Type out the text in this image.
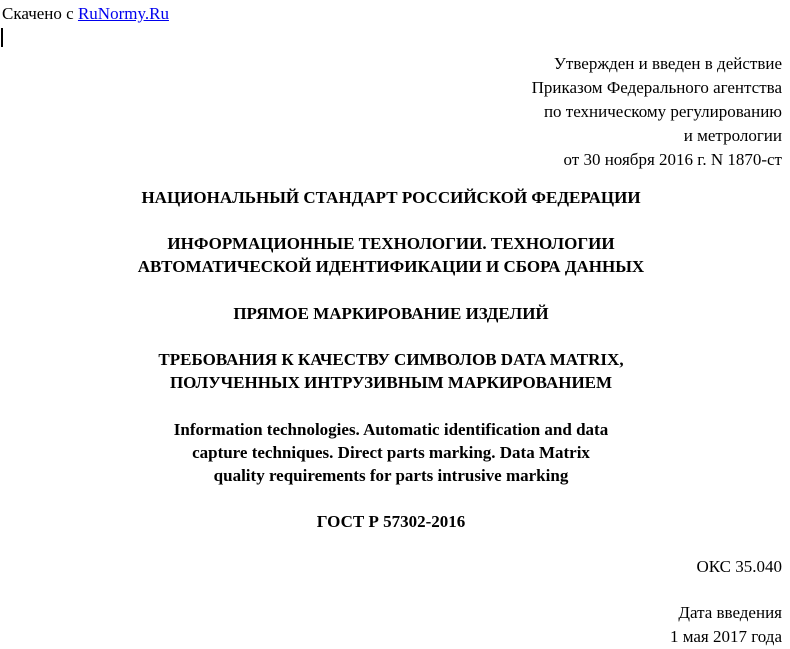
Скачено с RuNormy.Ru
Утвержден и введен в действие
Приказом Федерального агентства
по техническому регулированию
и метрологии
от 30 ноября 2016 г. N 1870-ст
НАЦИОНАЛЬНЫЙ СТАНДАРТ РОССИЙСКОЙ ФЕДЕРАЦИИ
ИНФОРМАЦИОННЫЕ ТЕХНОЛОГИИ. ТЕХНОЛОГИИ
АВТОМАТИЧЕСКОЙ ИДЕНТИФИКАЦИИ И СБОРА ДАННЫХ
ПРЯМОЕ МАРКИРОВАНИЕ ИЗДЕЛИЙ
ТРЕБОВАНИЯ К КАЧЕСТВУ СИМВОЛОВ DATA MATRIX,
ПОЛУЧЕННЫХ ИНТРУЗИВНЫМ МАРКИРОВАНИЕМ
Information technologies. Automatic identification and data
capture techniques. Direct parts marking. Data Matrix
quality requirements for parts intrusive marking
ГОСТ Р 57302-2016
ОКС 35.040
Дата введения
1 мая 2017 года
